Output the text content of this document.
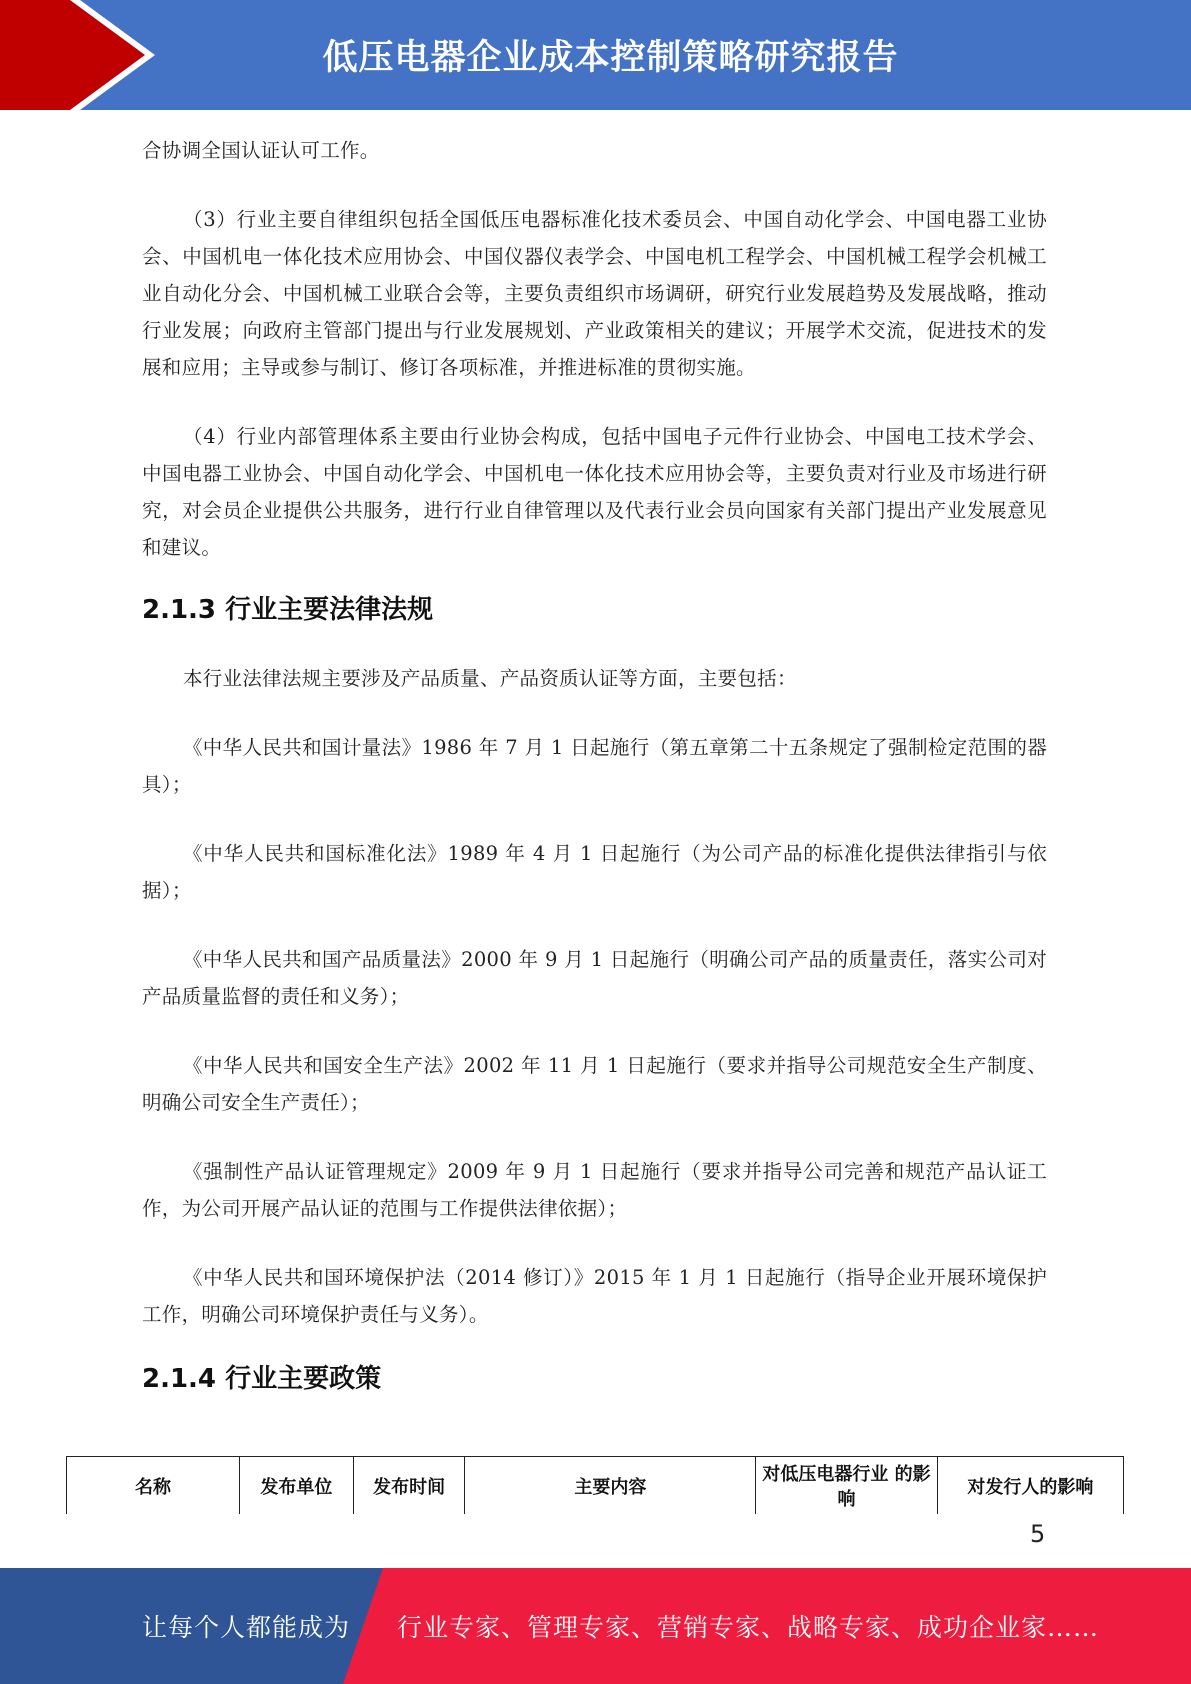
低压电器企业成本控制策略研究报告

合协调全国认证认可工作。

（3）行业主要自律组织包括全国低压电器标准化技术委员会、中国自动化学会、中国电器工业协会、中国机电一体化技术应用协会、中国仪器仪表学会、中国电机工程学会、中国机械工程学会机械工业自动化分会、中国机械工业联合会等，主要负责组织市场调研，研究行业发展趋势及发展战略，推动行业发展；向政府主管部门提出与行业发展规划、产业政策相关的建议；开展学术交流，促进技术的发展和应用；主导或参与制订、修订各项标准，并推进标准的贯彻实施。

（4）行业内部管理体系主要由行业协会构成，包括中国电子元件行业协会、中国电工技术学会、中国电器工业协会、中国自动化学会、中国机电一体化技术应用协会等，主要负责对行业及市场进行研究，对会员企业提供公共服务，进行行业自律管理以及代表行业会员向国家有关部门提出产业发展意见和建议。

2.1.3 行业主要法律法规

本行业法律法规主要涉及产品质量、产品资质认证等方面，主要包括：

《中华人民共和国计量法》1986 年 7 月 1 日起施行（第五章第二十五条规定了强制检定范围的器具）；

《中华人民共和国标准化法》1989 年 4 月 1 日起施行（为公司产品的标准化提供法律指引与依据）；

《中华人民共和国产品质量法》2000 年 9 月 1 日起施行（明确公司产品的质量责任，落实公司对产品质量监督的责任和义务）；

《中华人民共和国安全生产法》2002 年 11 月 1 日起施行（要求并指导公司规范安全生产制度、明确公司安全生产责任）；

《强制性产品认证管理规定》2009 年 9 月 1 日起施行（要求并指导公司完善和规范产品认证工作，为公司开展产品认证的范围与工作提供法律依据）；

《中华人民共和国环境保护法（2014 修订）》2015 年 1 月 1 日起施行（指导企业开展环境保护工作，明确公司环境保护责任与义务）。

2.1.4 行业主要政策
名称	发布单位	发布时间	主要内容	对低压电器行业 的影响	对发行人的影响
5
让每个人都能成为 行业专家、管理专家、营销专家、战略专家、成功企业家……
